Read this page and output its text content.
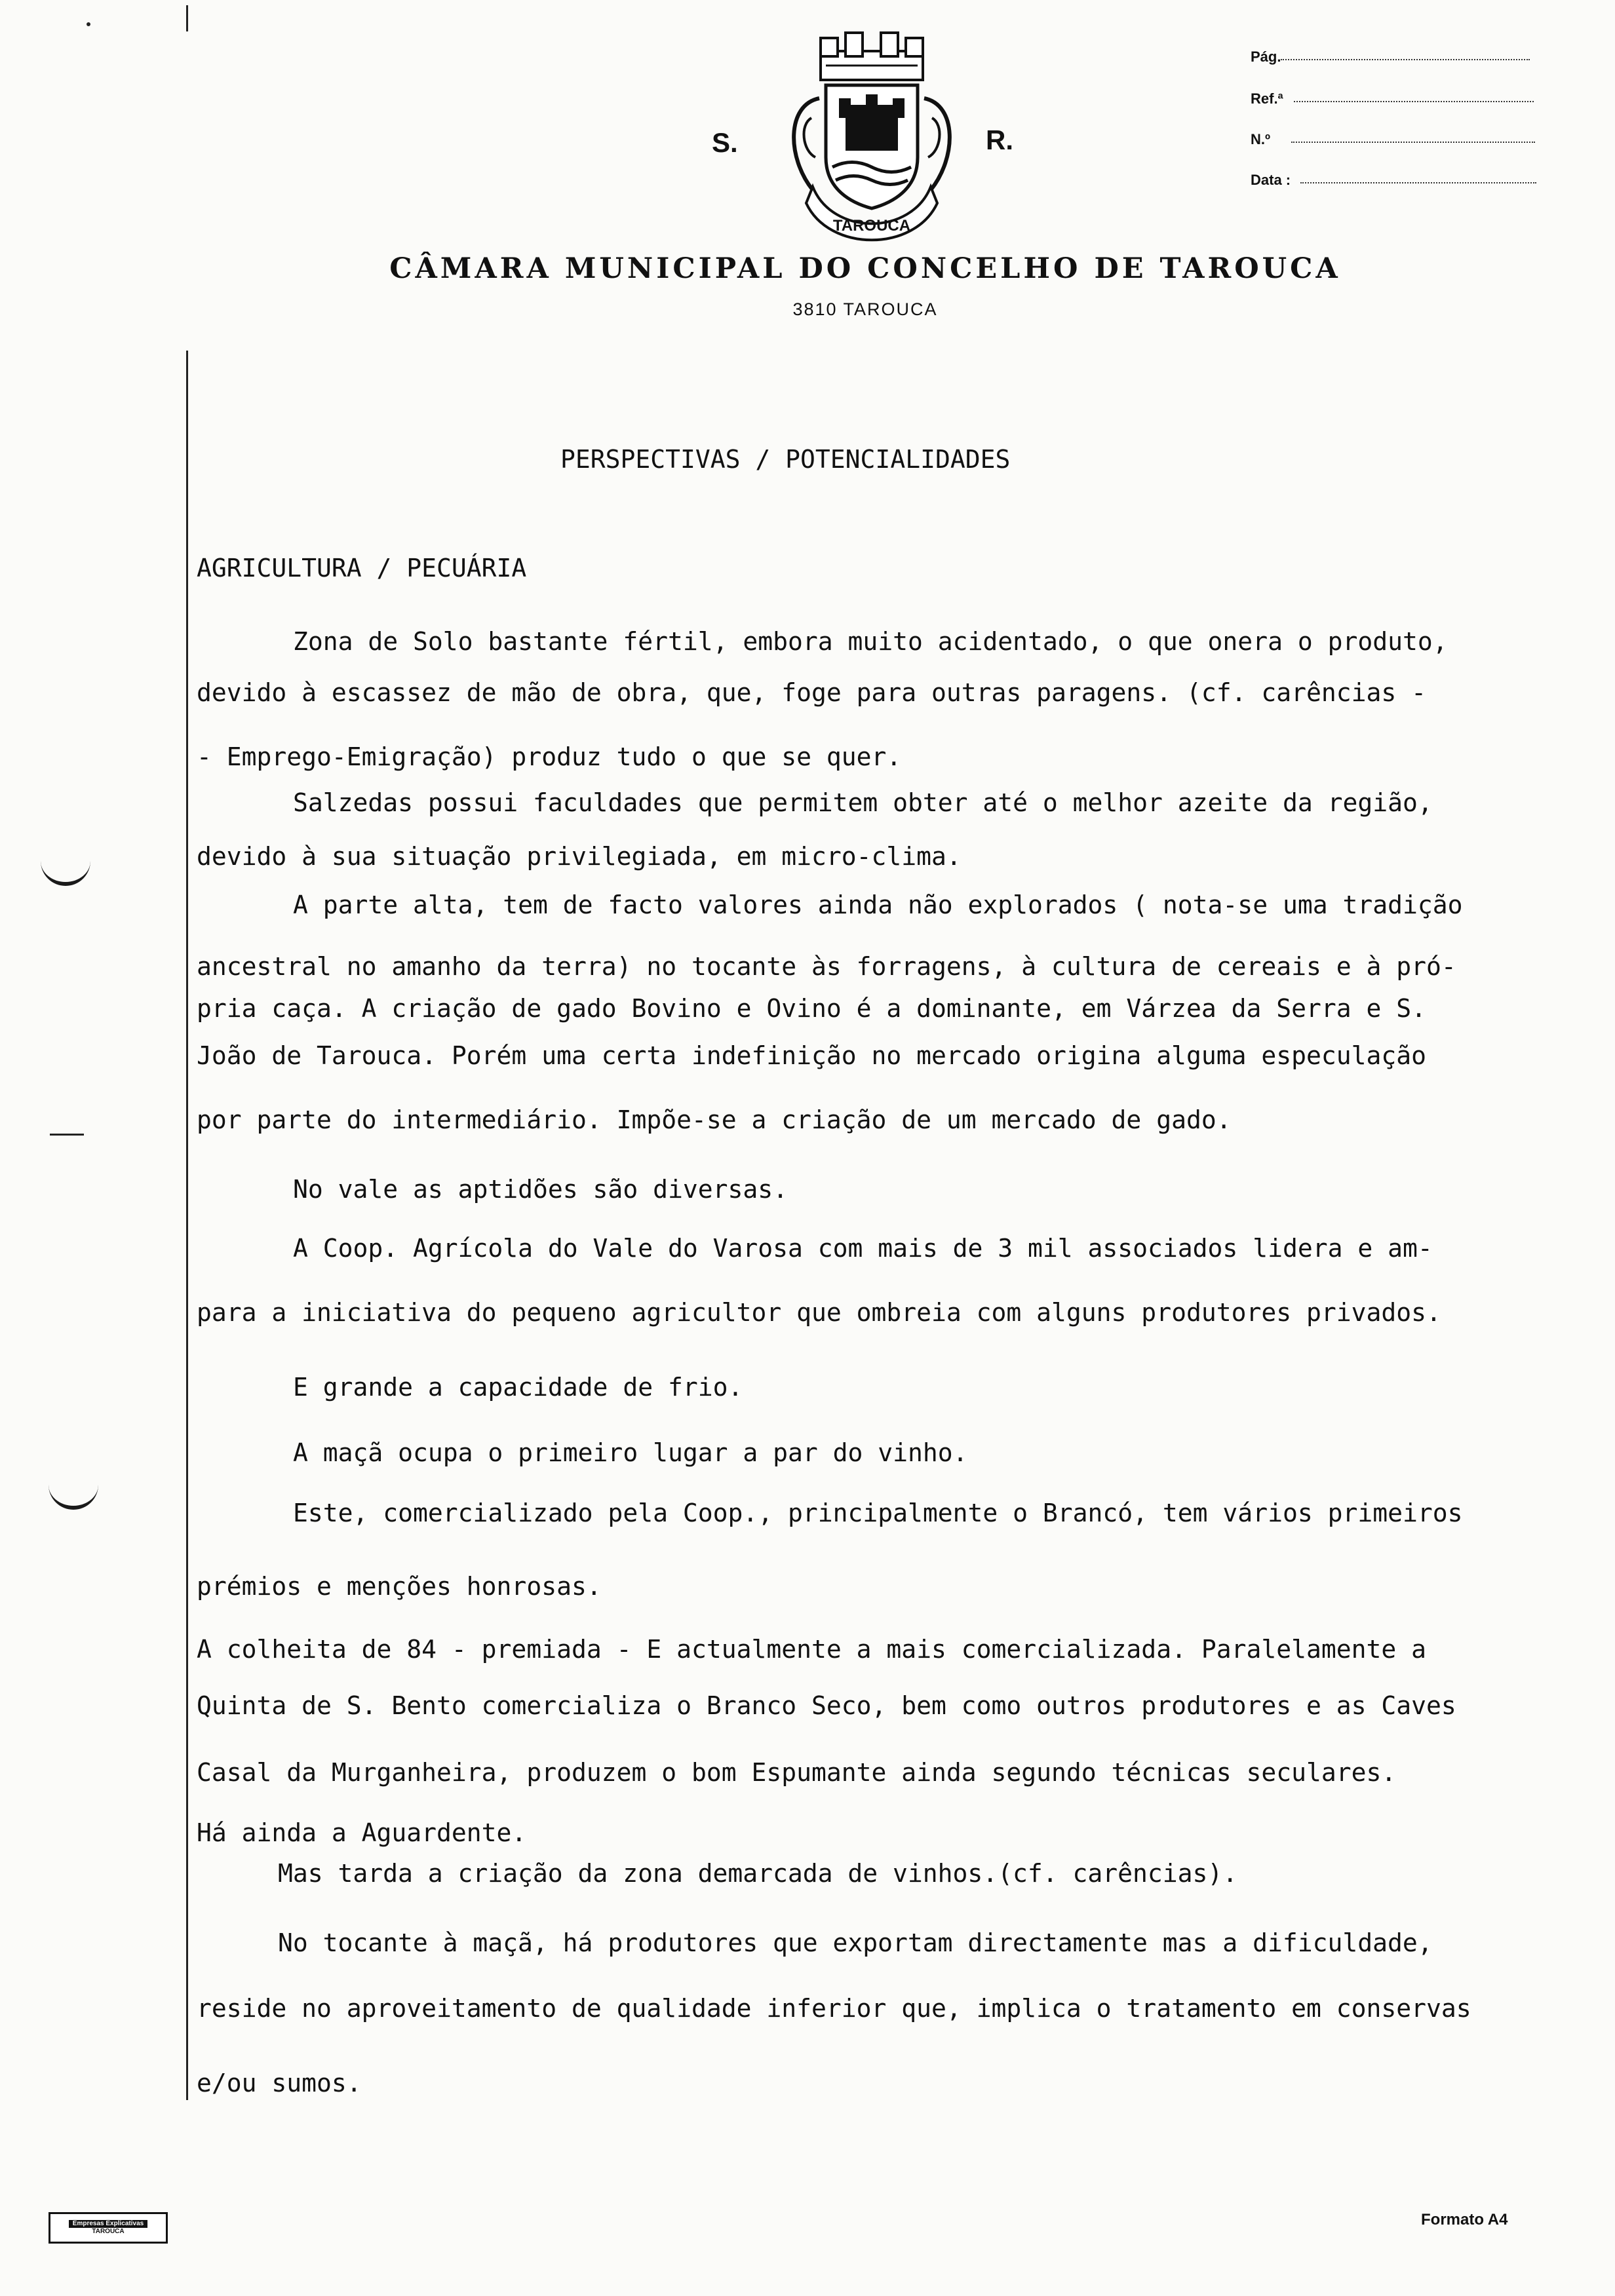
S.	R.
TAROUCA
Pág.
Ref.ª
N.º
Data :
CÂMARA MUNICIPAL DO CONCELHO DE TAROUCA
3810 TAROUCA
PERSPECTIVAS / POTENCIALIDADES
AGRICULTURA / PECUÁRIA
Zona de Solo bastante fértil, embora muito acidentado, o que onera o produto,
devido à escassez de mão de obra, que, foge para outras paragens. (cf. carências -
- Emprego-Emigração) produz tudo o que se quer.
Salzedas possui faculdades que permitem obter até o melhor azeite da região,
devido à sua situação privilegiada, em micro-clima.
A parte alta, tem de facto valores ainda não explorados ( nota-se uma tradição
ancestral no amanho da terra) no tocante às forragens, à cultura de cereais e à pró-
pria caça. A criação de gado Bovino e Ovino é a dominante, em Várzea da Serra e S.
João de Tarouca. Porém uma certa indefinição no mercado origina alguma especulação
por parte do intermediário. Impõe-se a criação de um mercado de gado.
No vale as aptidões são diversas.
A Coop. Agrícola do Vale do Varosa com mais de 3 mil associados lidera e am-
para a iniciativa do pequeno agricultor que ombreia com alguns produtores privados.
E grande a capacidade de frio.
A maçã ocupa o primeiro lugar a par do vinho.
Este, comercializado pela Coop., principalmente o Brancó, tem vários primeiros
prémios e menções honrosas.
A colheita de 84 - premiada - E actualmente a mais comercializada. Paralelamente a
Quinta de S. Bento comercializa o Branco Seco, bem como outros produtores e as Caves
Casal da Murganheira, produzem o bom Espumante ainda segundo técnicas seculares.
Há ainda a Aguardente.
Mas tarda a criação da zona demarcada de vinhos.(cf. carências).
No tocante à maçã, há produtores que exportam directamente mas a dificuldade,
reside no aproveitamento de qualidade inferior que, implica o tratamento em conservas
e/ou sumos.
Empresas Explicativas
TAROUCA
Formato A4
